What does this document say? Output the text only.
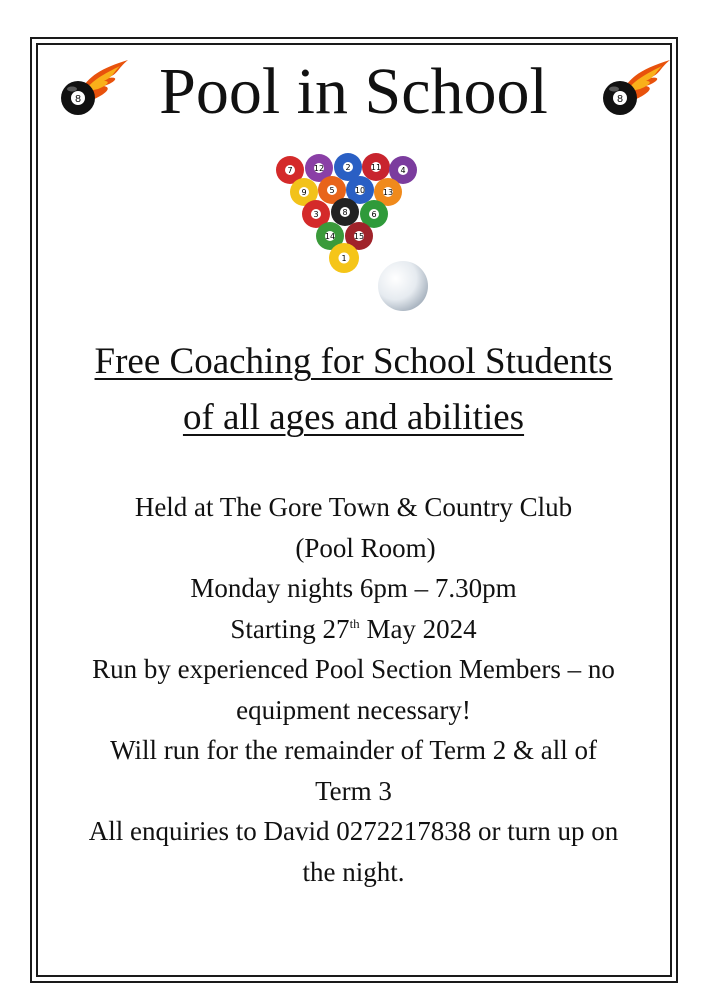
8	8
Pool in School
7	12	2	11 4
9	5	10 13
3	8	6
14 15
1
Free Coaching for School Students
of all ages and abilities

Held at The Gore Town & Country Club

(Pool Room)

Monday nights 6pm – 7.30pm

Starting 27th May 2024

Run by experienced Pool Section Members – no

equipment necessary!

Will run for the remainder of Term 2 & all of

Term 3

All enquiries to David 0272217838 or turn up on

the night.
